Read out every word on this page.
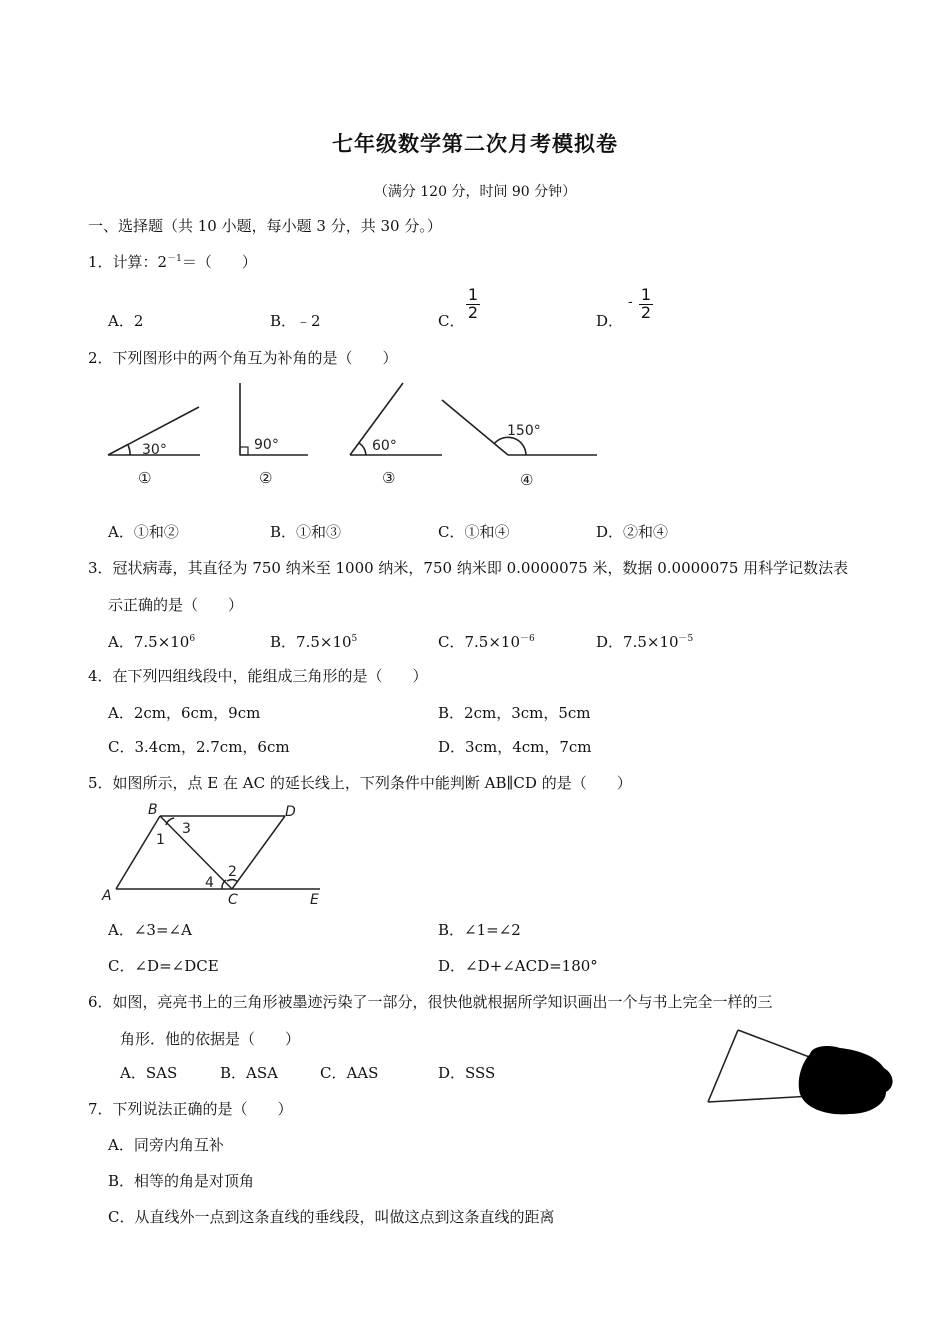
七年级数学第二次月考模拟卷
（满分 120 分，时间 90 分钟）
一、选择题（共 10 小题，每小题 3 分，共 30 分。）
1．计算：$2^{-1}=$（　　）
A．2	B．﹣2	C．
1
2	D．
- 1
2
2．下列图形中的两个角互为补角的是（　　）
30°	90°	60°
150°
①	②	③	④
A．①和②	B．①和③	C．①和④	D．②和④
3．冠状病毒，其直径为 750 纳米至 1000 纳米，750 纳米即 0.0000075 米，数据 0.0000075 用科学记数法表
示正确的是（　　）
A．$7.5\times 10^6$	B．$7.5\times 10^5$	C．$7.5\times 10^{-6}$	D．$7.5\times 10^{-5}$
4．在下列四组线段中，能组成三角形的是（　　）
A．2cm，6cm，9cm	B．2cm，3cm，5cm
C．3.4cm，2.7cm，6cm	D．3cm，4cm，7cm
5．如图所示，点 E 在 AC 的延长线上，下列条件中能判断 AB∥CD 的是（　　）
B	D
A	C	E
1
2
3
4
A．∠3=∠A	B．∠1=∠2
C．∠D=∠DCE	D．∠D+∠ACD=180°
6．如图，亮亮书上的三角形被墨迹污染了一部分，很快他就根据所学知识画出一个与书上完全一样的三
角形．他的依据是（　　）
A．SAS	B．ASA	C．AAS	D．SSS
7．下列说法正确的是（　　）
A．同旁内角互补
B．相等的角是对顶角
C．从直线外一点到这条直线的垂线段，叫做这点到这条直线的距离
